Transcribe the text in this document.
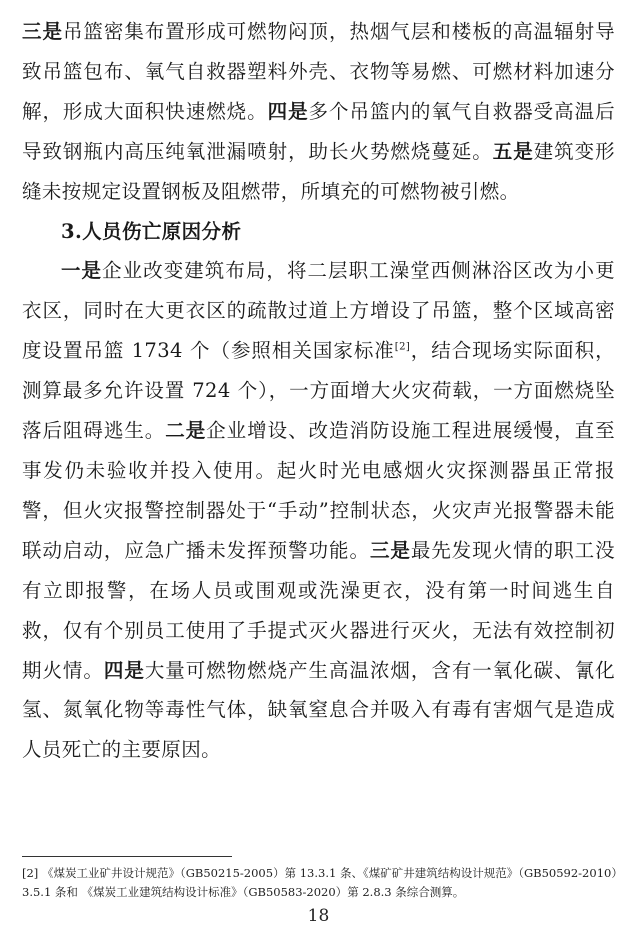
三是吊篮密集布置形成可燃物闷顶，热烟气层和楼板的高温辐射导致吊篮包布、氧气自救器塑料外壳、衣物等易燃、可燃材料加速分解，形成大面积快速燃烧。四是多个吊篮内的氧气自救器受高温后导致钢瓶内高压纯氧泄漏喷射，助长火势燃烧蔓延。五是建筑变形缝未按规定设置钢板及阻燃带，所填充的可燃物被引燃。

3.人员伤亡原因分析

一是企业改变建筑布局，将二层职工澡堂西侧淋浴区改为小更衣区，同时在大更衣区的疏散过道上方增设了吊篮，整个区域高密度设置吊篮 1734 个（参照相关国家标准[2]，结合现场实际面积，测算最多允许设置 724 个），一方面增大火灾荷载，一方面燃烧坠落后阻碍逃生。二是企业增设、改造消防设施工程进展缓慢，直至事发仍未验收并投入使用。起火时光电感烟火灾探测器虽正常报警，但火灾报警控制器处于“手动”控制状态，火灾声光报警器未能联动启动，应急广播未发挥预警功能。三是最先发现火情的职工没有立即报警，在场人员或围观或洗澡更衣，没有第一时间逃生自救，仅有个别员工使用了手提式灭火器进行灭火，无法有效控制初期火情。四是大量可燃物燃烧产生高温浓烟，含有一氧化碳、氰化氢、氮氧化物等毒性气体，缺氧窒息合并吸入有毒有害烟气是造成人员死亡的主要原因。

[2] 《煤炭工业矿井设计规范》（GB50215-2005）第 13.3.1 条、《煤矿矿井建筑结构设计规范》（GB50592-2010）
3.5.1 条和 《煤炭工业建筑结构设计标准》（GB50583-2020）第 2.8.3 条综合测算。
18
